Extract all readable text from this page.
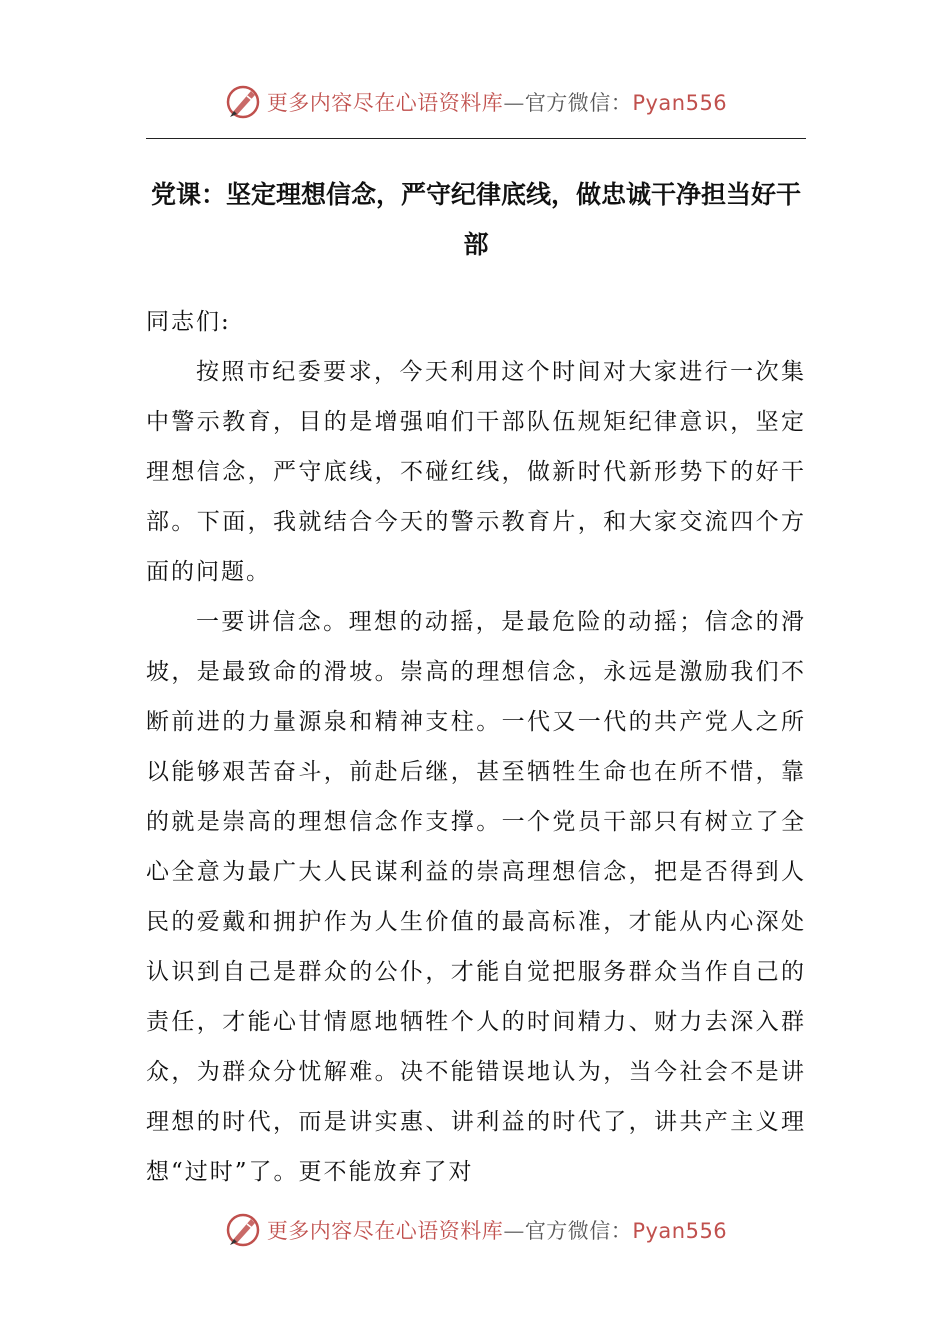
更多内容尽在心语资料库—官方微信：Pyan556
党课：坚定理想信念，严守纪律底线，做忠诚干净担当好干部

同志们:

按照市纪委要求，今天利用这个时间对大家进行一次集中警示教育，目的是增强咱们干部队伍规矩纪律意识，坚定理想信念，严守底线，不碰红线，做新时代新形势下的好干部。下面，我就结合今天的警示教育片，和大家交流四个方面的问题。

一要讲信念。理想的动摇，是最危险的动摇；信念的滑坡，是最致命的滑坡。崇高的理想信念，永远是激励我们不断前进的力量源泉和精神支柱。一代又一代的共产党人之所以能够艰苦奋斗，前赴后继，甚至牺牲生命也在所不惜，靠的就是崇高的理想信念作支撑。一个党员干部只有树立了全心全意为最广大人民谋利益的崇高理想信念，把是否得到人民的爱戴和拥护作为人生价值的最高标准，才能从内心深处认识到自己是群众的公仆，才能自觉把服务群众当作自己的责任，才能心甘情愿地牺牲个人的时间精力、财力去深入群众，为群众分忧解难。决不能错误地认为，当今社会不是讲理想的时代，而是讲实惠、讲利益的时代了，讲共产主义理想“过时”了。更不能放弃了对

更多内容尽在心语资料库—官方微信：Pyan556
